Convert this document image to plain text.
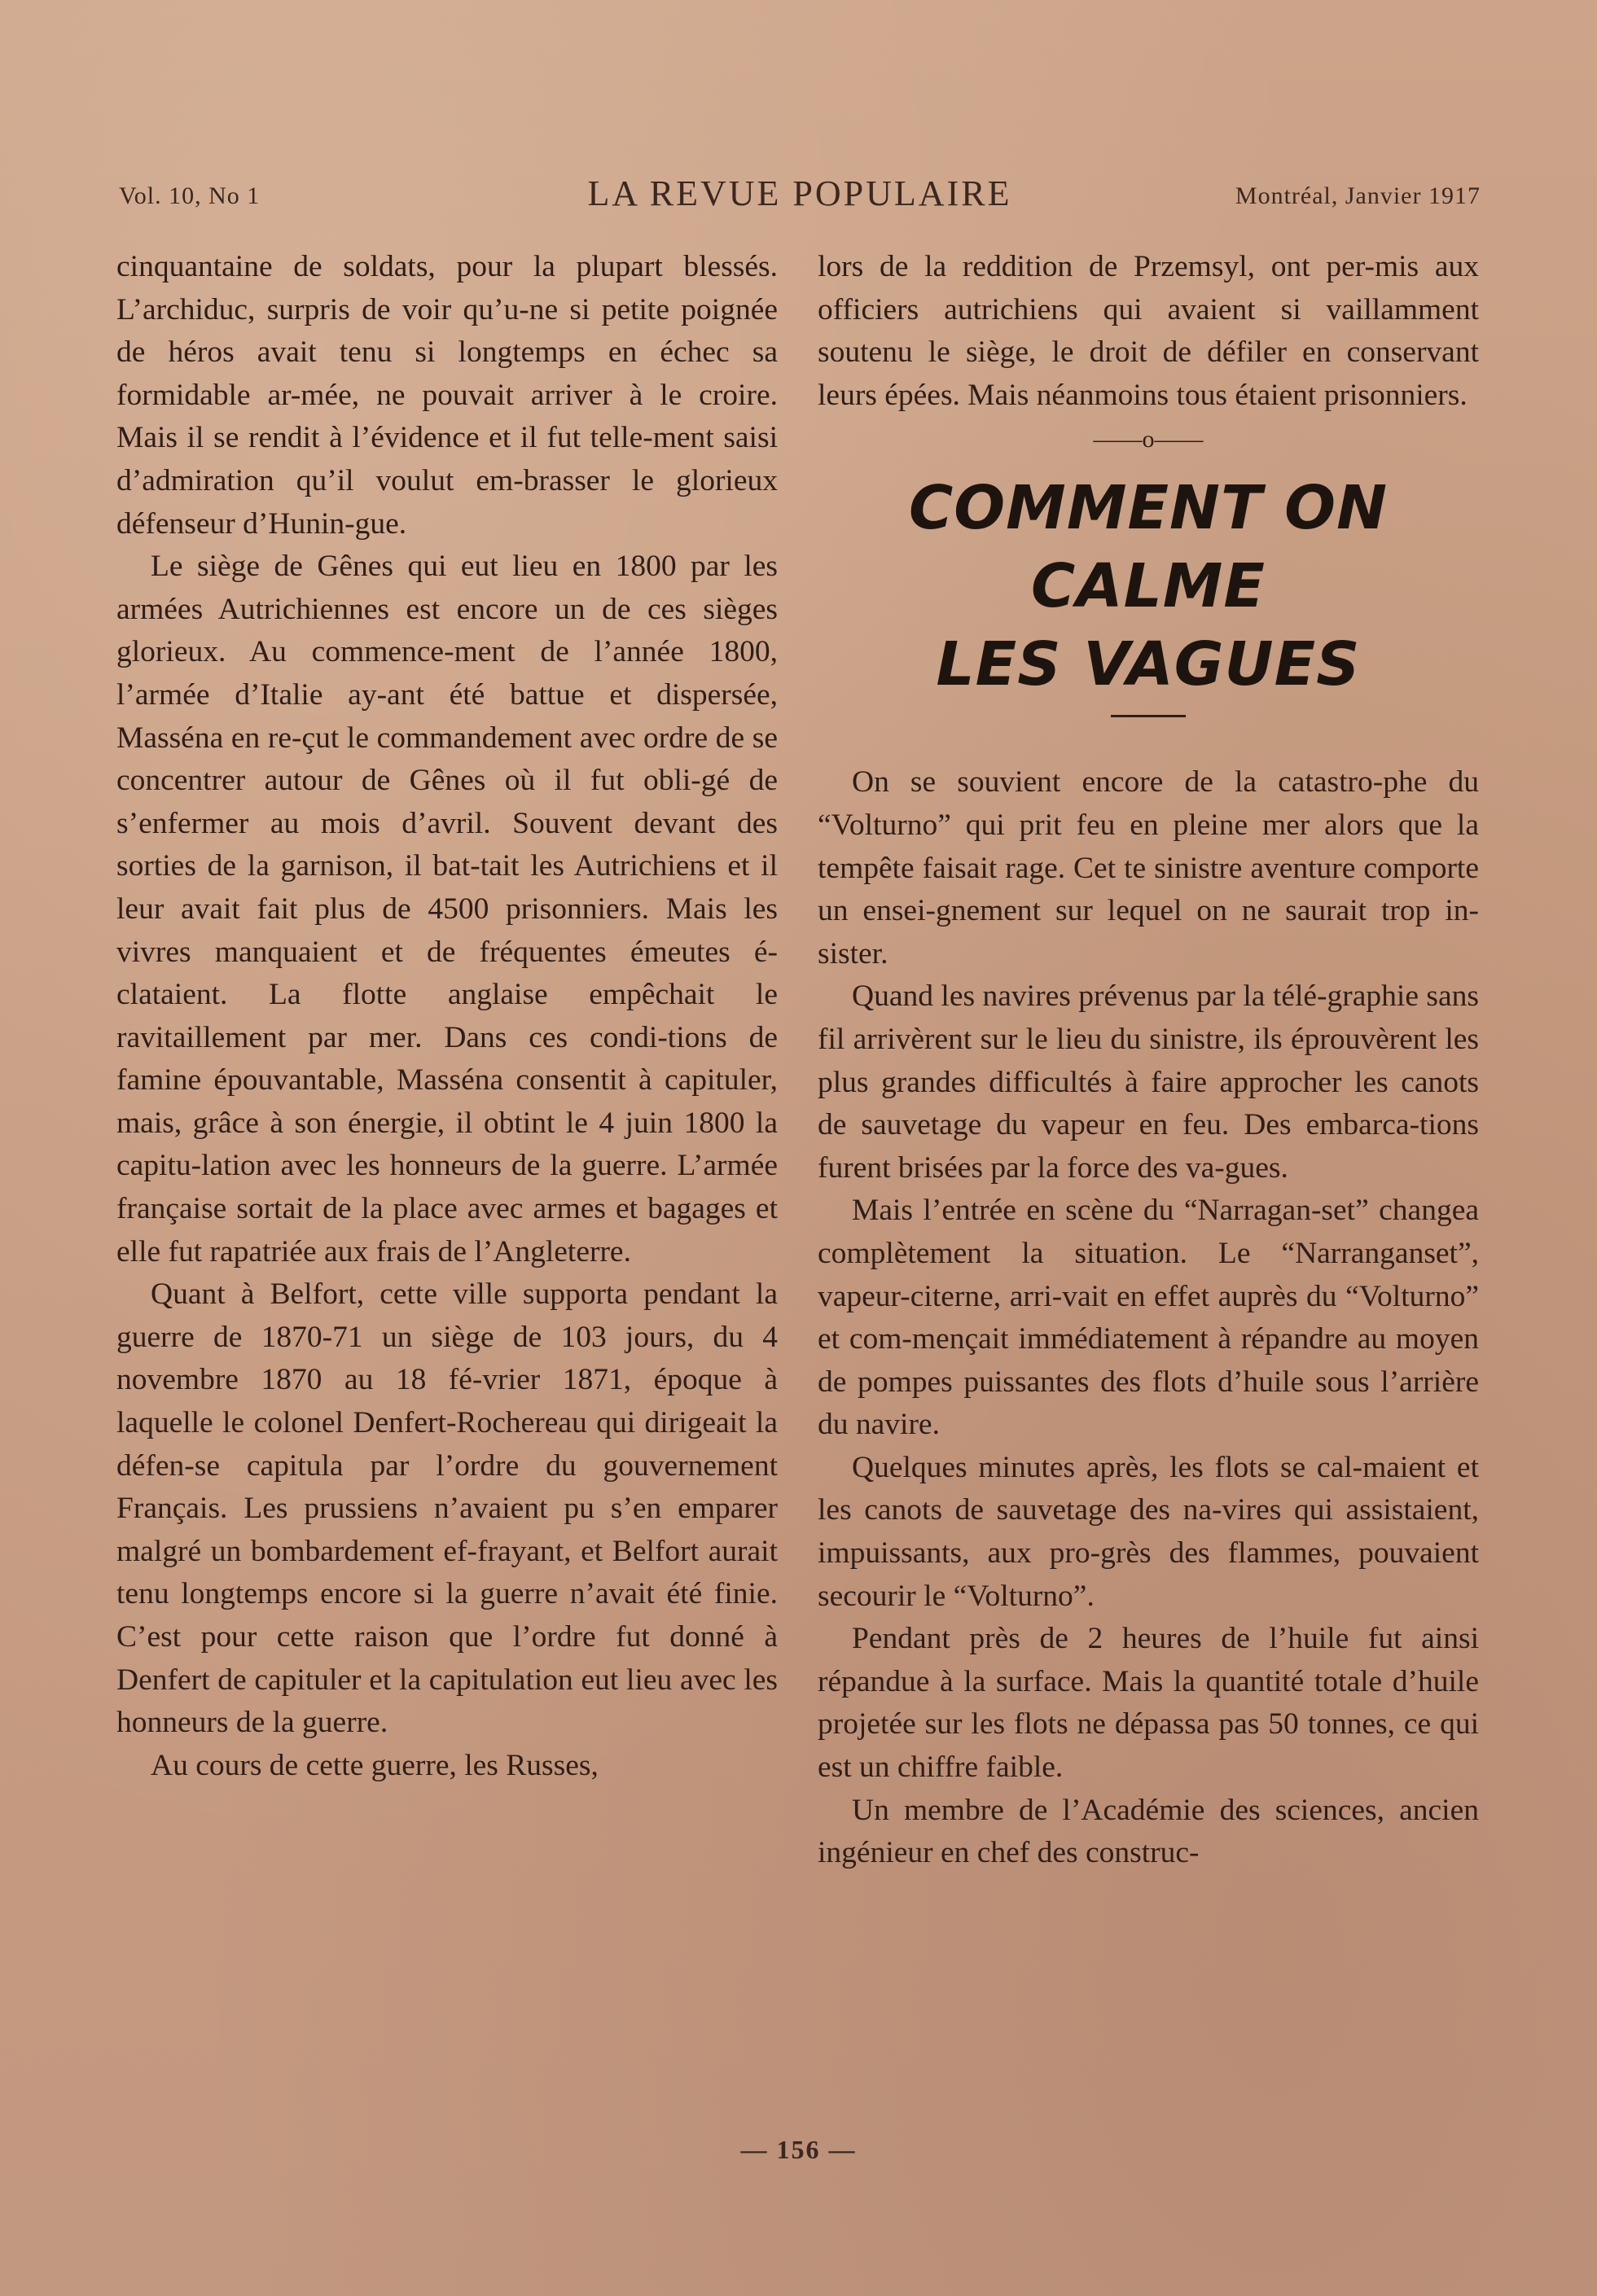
Vol. 10, No 1	LA REVUE POPULAIRE	Montréal, Janvier 1917

cinquantaine de soldats, pour la plupart blessés. L’archiduc, surpris de voir qu’u-ne si petite poignée de héros avait tenu si longtemps en échec sa formidable ar-mée, ne pouvait arriver à le croire. Mais il se rendit à l’évidence et il fut telle-ment saisi d’admiration qu’il voulut em-brasser le glorieux défenseur d’Hunin-gue.

Le siège de Gênes qui eut lieu en 1800 par les armées Autrichiennes est encore un de ces sièges glorieux. Au commence-ment de l’année 1800, l’armée d’Italie ay-ant été battue et dispersée, Masséna en re-çut le commandement avec ordre de se concentrer autour de Gênes où il fut obli-gé de s’enfermer au mois d’avril. Souvent devant des sorties de la garnison, il bat-tait les Autrichiens et il leur avait fait plus de 4500 prisonniers. Mais les vivres manquaient et de fréquentes émeutes é-clataient. La flotte anglaise empêchait le ravitaillement par mer. Dans ces condi-tions de famine épouvantable, Masséna consentit à capituler, mais, grâce à son énergie, il obtint le 4 juin 1800 la capitu-lation avec les honneurs de la guerre. L’armée française sortait de la place avec armes et bagages et elle fut rapatriée aux frais de l’Angleterre.

Quant à Belfort, cette ville supporta pendant la guerre de 1870-71 un siège de 103 jours, du 4 novembre 1870 au 18 fé-vrier 1871, époque à laquelle le colonel Denfert-Rochereau qui dirigeait la défen-se capitula par l’ordre du gouvernement Français. Les prussiens n’avaient pu s’en emparer malgré un bombardement ef-frayant, et Belfort aurait tenu longtemps encore si la guerre n’avait été finie. C’est pour cette raison que l’ordre fut donné à Denfert de capituler et la capitulation eut lieu avec les honneurs de la guerre.

Au cours de cette guerre, les Russes,

lors de la reddition de Przemsyl, ont per-mis aux officiers autrichiens qui avaient si vaillamment soutenu le siège, le droit de défiler en conservant leurs épées. Mais néanmoins tous étaient prisonniers.

——o——
COMMENT ON CALME
LES VAGUES

On se souvient encore de la catastro-phe du “Volturno” qui prit feu en pleine mer alors que la tempête faisait rage. Cet te sinistre aventure comporte un ensei-gnement sur lequel on ne saurait trop in-sister.

Quand les navires prévenus par la télé-graphie sans fil arrivèrent sur le lieu du sinistre, ils éprouvèrent les plus grandes difficultés à faire approcher les canots de sauvetage du vapeur en feu. Des embarca-tions furent brisées par la force des va-gues.

Mais l’entrée en scène du “Narragan-set” changea complètement la situation. Le “Narranganset”, vapeur-citerne, arri-vait en effet auprès du “Volturno” et com-mençait immédiatement à répandre au moyen de pompes puissantes des flots d’huile sous l’arrière du navire.

Quelques minutes après, les flots se cal-maient et les canots de sauvetage des na-vires qui assistaient, impuissants, aux pro-grès des flammes, pouvaient secourir le “Volturno”.

Pendant près de 2 heures de l’huile fut ainsi répandue à la surface. Mais la quantité totale d’huile projetée sur les flots ne dépassa pas 50 tonnes, ce qui est un chiffre faible.

Un membre de l’Académie des sciences, ancien ingénieur en chef des construc-

— 156 —
